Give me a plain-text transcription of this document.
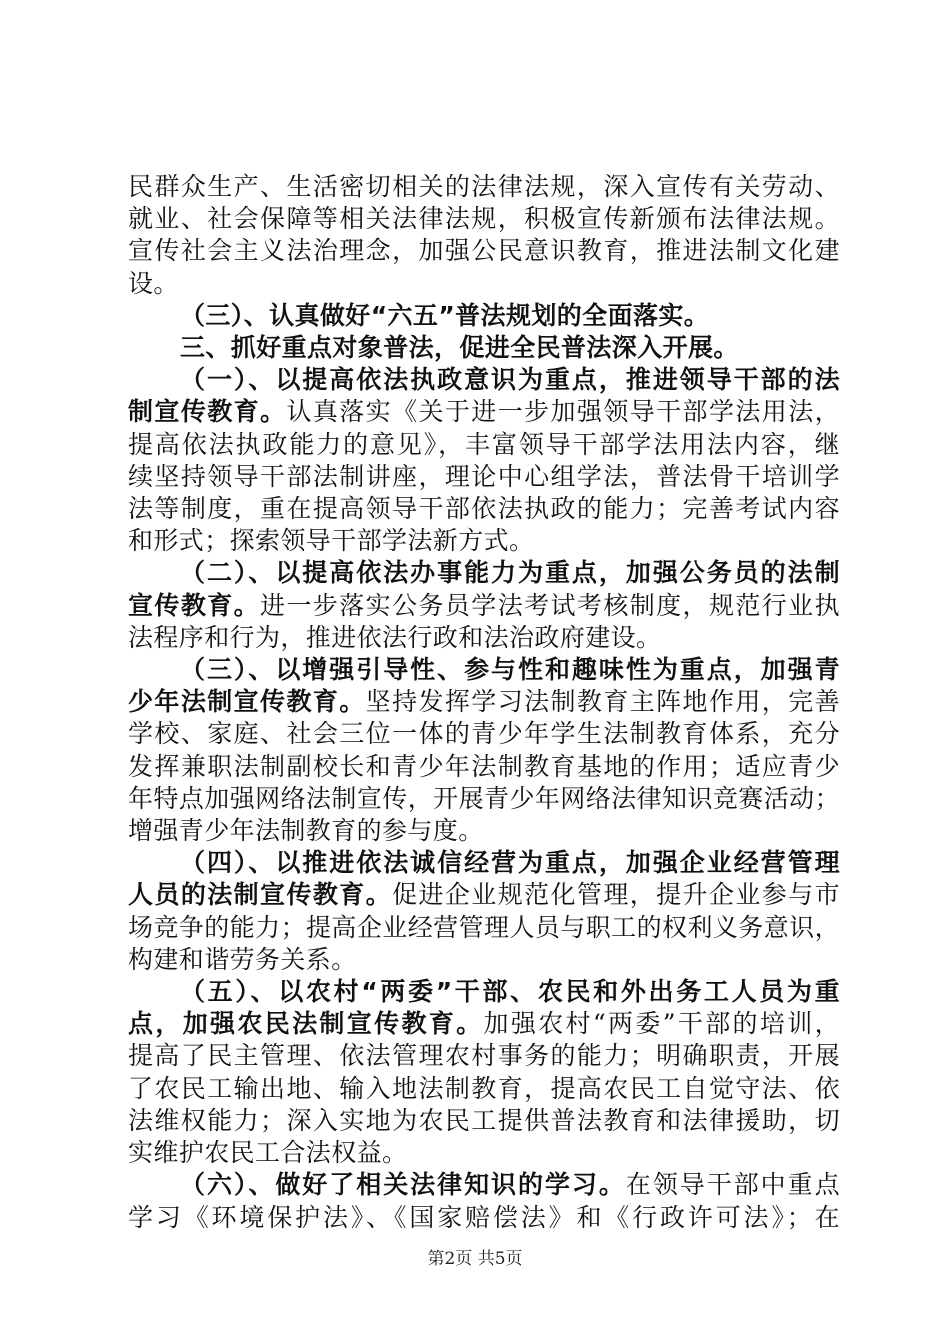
民群众生产、生活密切相关的法律法规，深入宣传有关劳动、
就业、社会保障等相关法律法规，积极宣传新颁布法律法规。
宣传社会主义法治理念，加强公民意识教育，推进法制文化建
设。
（三）、认真做好“六五”普法规划的全面落实。
三、抓好重点对象普法，促进全民普法深入开展。
（一）、以提高依法执政意识为重点，推进领导干部的法
制宣传教育。认真落实《关于进一步加强领导干部学法用法，
提高依法执政能力的意见》，丰富领导干部学法用法内容，继
续坚持领导干部法制讲座，理论中心组学法，普法骨干培训学
法等制度，重在提高领导干部依法执政的能力；完善考试内容
和形式；探索领导干部学法新方式。
（二）、以提高依法办事能力为重点，加强公务员的法制
宣传教育。进一步落实公务员学法考试考核制度，规范行业执
法程序和行为，推进依法行政和法治政府建设。
（三）、以增强引导性、参与性和趣味性为重点，加强青
少年法制宣传教育。坚持发挥学习法制教育主阵地作用，完善
学校、家庭、社会三位一体的青少年学生法制教育体系，充分
发挥兼职法制副校长和青少年法制教育基地的作用；适应青少
年特点加强网络法制宣传，开展青少年网络法律知识竞赛活动；
增强青少年法制教育的参与度。
（四）、以推进依法诚信经营为重点，加强企业经营管理
人员的法制宣传教育。促进企业规范化管理，提升企业参与市
场竞争的能力；提高企业经营管理人员与职工的权利义务意识，
构建和谐劳务关系。
（五）、以农村“两委”干部、农民和外出务工人员为重
点，加强农民法制宣传教育。加强农村“两委”干部的培训，
提高了民主管理、依法管理农村事务的能力；明确职责，开展
了农民工输出地、输入地法制教育，提高农民工自觉守法、依
法维权能力；深入实地为农民工提供普法教育和法律援助，切
实维护农民工合法权益。
（六）、做好了相关法律知识的学习。在领导干部中重点
学习《环境保护法》、《国家赔偿法》和《行政许可法》；在
第2页 共5页
